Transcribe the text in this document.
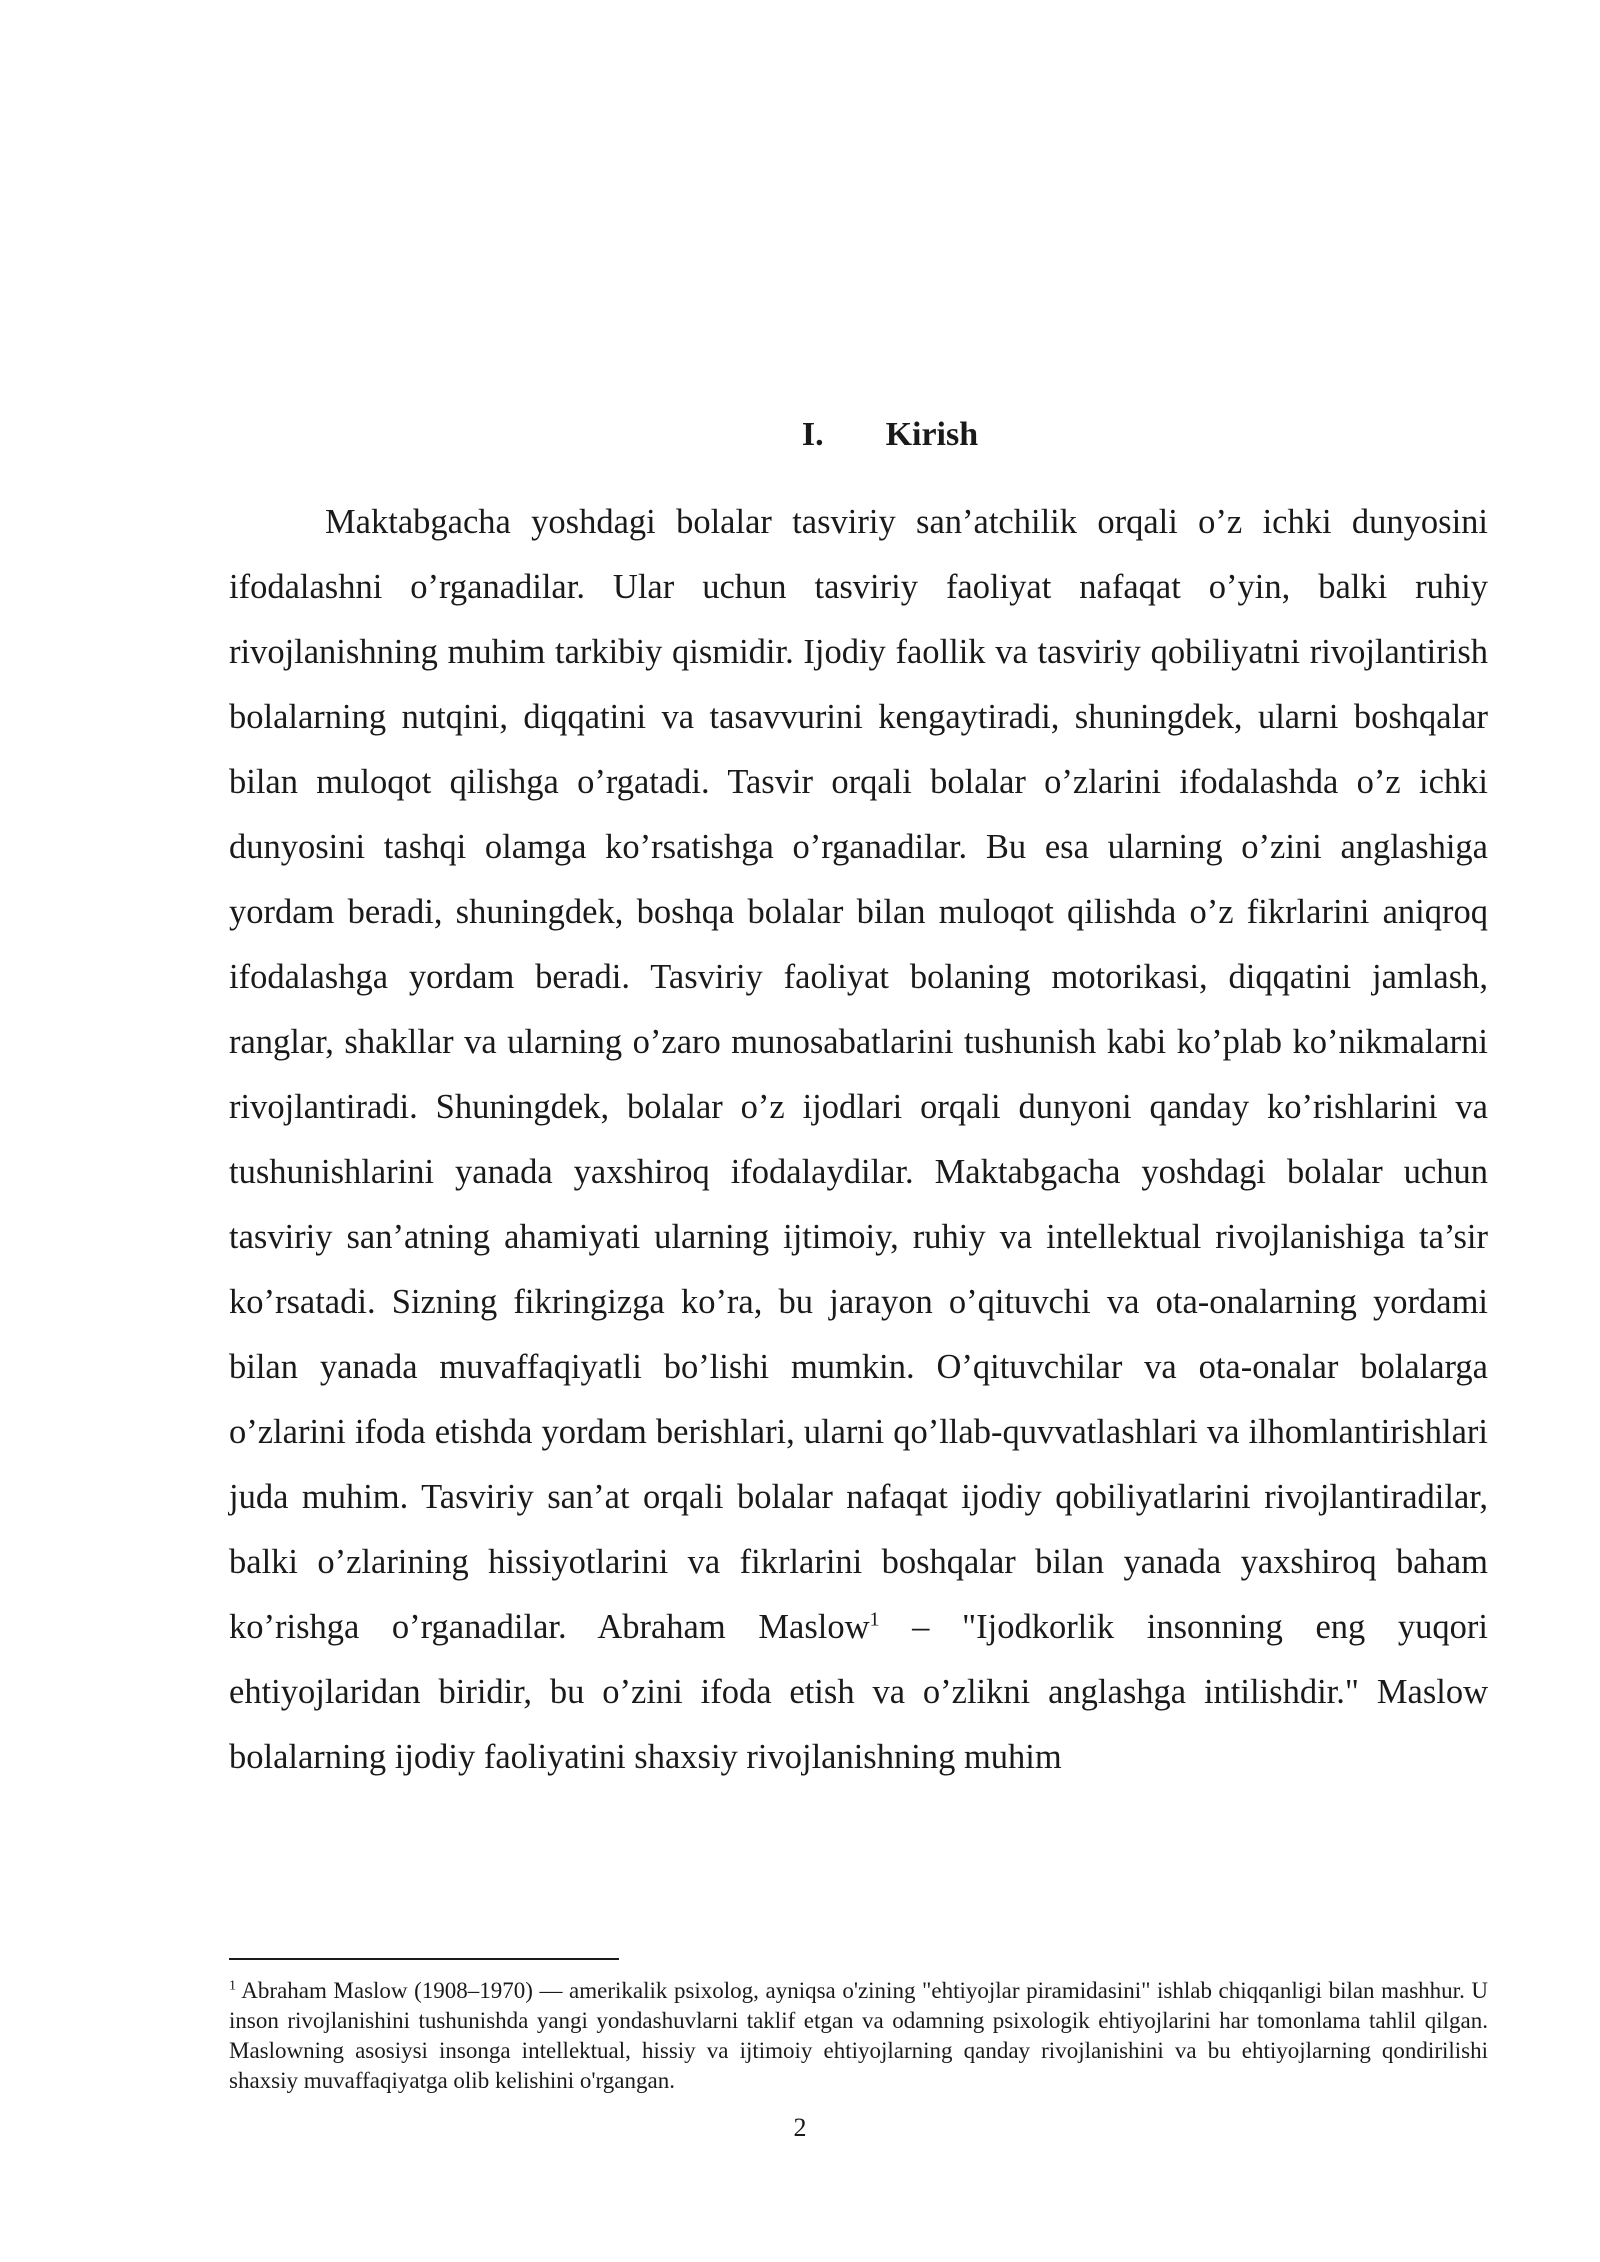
I. Kirish

Maktabgacha yoshdagi bolalar tasviriy san’atchilik orqali o’z ichki dunyosini ifodalashni o’rganadilar. Ular uchun tasviriy faoliyat nafaqat o’yin, balki ruhiy rivojlanishning muhim tarkibiy qismidir. Ijodiy faollik va tasviriy qobiliyatni rivojlantirish bolalarning nutqini, diqqatini va tasavvurini kengaytiradi, shuningdek, ularni boshqalar bilan muloqot qilishga o’rgatadi. Tasvir orqali bolalar o’zlarini ifodalashda o’z ichki dunyosini tashqi olamga ko’rsatishga o’rganadilar. Bu esa ularning o’zini anglashiga yordam beradi, shuningdek, boshqa bolalar bilan muloqot qilishda o’z fikrlarini aniqroq ifodalashga yordam beradi. Tasviriy faoliyat bolaning motorikasi, diqqatini jamlash, ranglar, shakllar va ularning o’zaro munosabatlarini tushunish kabi ko’plab ko’nikmalarni rivojlantiradi. Shuningdek, bolalar o’z ijodlari orqali dunyoni qanday ko’rishlarini va tushunishlarini yanada yaxshiroq ifodalaydilar. Maktabgacha yoshdagi bolalar uchun tasviriy san’atning ahamiyati ularning ijtimoiy, ruhiy va intellektual rivojlanishiga ta’sir ko’rsatadi. Sizning fikringizga ko’ra, bu jarayon o’qituvchi va ota-onalarning yordami bilan yanada muvaffaqiyatli bo’lishi mumkin. O’qituvchilar va ota-onalar bolalarga o’zlarini ifoda etishda yordam berishlari, ularni qo’llab-quvvatlashlari va ilhomlantirishlari juda muhim. Tasviriy san’at orqali bolalar nafaqat ijodiy qobiliyatlarini rivojlantiradilar, balki o’zlarining hissiyotlarini va fikrlarini boshqalar bilan yanada yaxshiroq baham ko’rishga o’rganadilar. Abraham Maslow$^1$ – "Ijodkorlik insonning eng yuqori ehtiyojlaridan biridir, bu o’zini ifoda etish va o’zlikni anglashga intilishdir." Maslow bolalarning ijodiy faoliyatini shaxsiy rivojlanishning muhim

$^1$ Abraham Maslow (1908–1970) — amerikalik psixolog, ayniqsa o'zining "ehtiyojlar piramidasini" ishlab chiqqanligi bilan mashhur. U inson rivojlanishini tushunishda yangi yondashuvlarni taklif etgan va odamning psixologik ehtiyojlarini har tomonlama tahlil qilgan. Maslowning asosiysi insonga intellektual, hissiy va ijtimoiy ehtiyojlarning qanday rivojlanishini va bu ehtiyojlarning qondirilishi shaxsiy muvaffaqiyatga olib kelishini o'rgangan.

2
